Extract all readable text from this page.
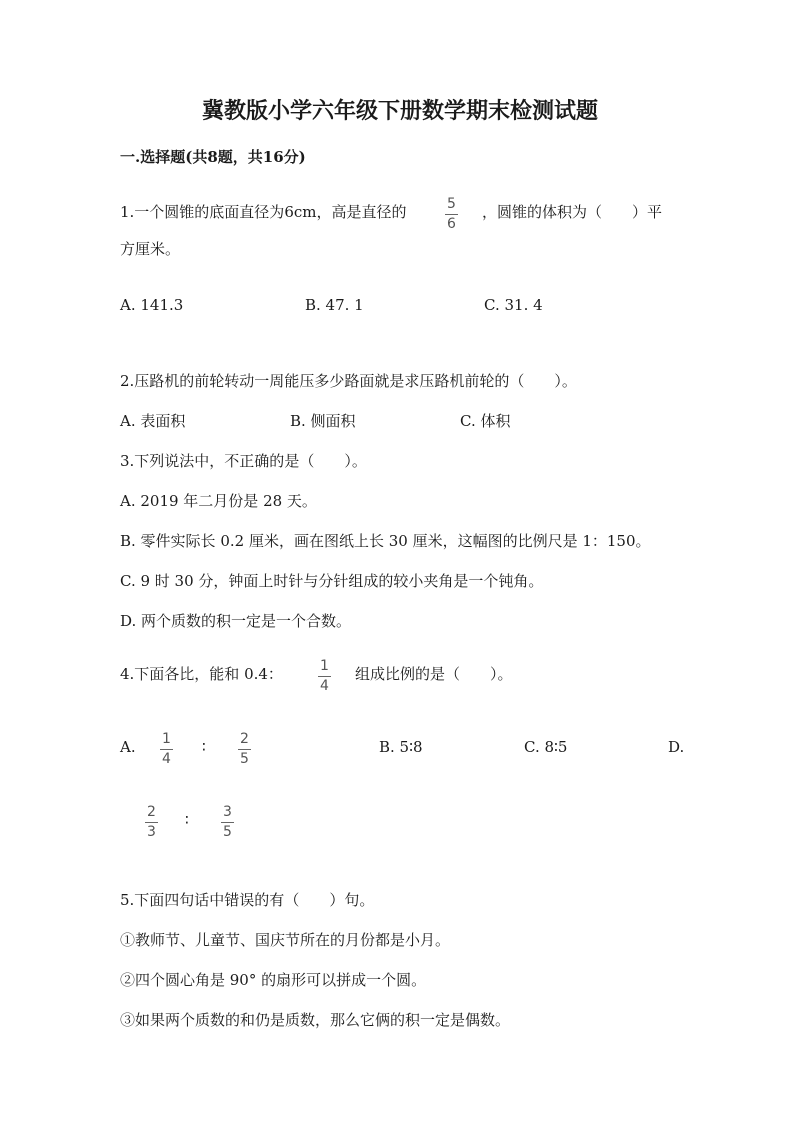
冀教版小学六年级下册数学期末检测试题
一.选择题(共8题，共16分)
1.一个圆锥的底面直径为6cm，高是直径的	5
6
，圆锥的体积为（　　）平
方厘米。
A. 141.3	B. 47. 1	C. 31. 4
2.压路机的前轮转动一周能压多少路面就是求压路机前轮的（　　）。
A. 表面积	B. 侧面积	C. 体积
3.下列说法中，不正确的是（　　）。
A. 2019 年二月份是 28 天。
B. 零件实际长 0.2 厘米，画在图纸上长 30 厘米，这幅图的比例尺是 1：150。
C. 9 时 30 分，钟面上时针与分针组成的较小夹角是一个钝角。
D. 两个质数的积一定是一个合数。
4.下面各比，能和 0.4：	1
4
组成比例的是（　　）。
A. 1
4
∶ 2
5
B. 5∶8	C. 8∶5	D.
2
3
∶ 3
5
5.下面四句话中错误的有（　　）句。
①教师节、儿童节、国庆节所在的月份都是小月。
②四个圆心角是 90° 的扇形可以拼成一个圆。
③如果两个质数的和仍是质数，那么它俩的积一定是偶数。
